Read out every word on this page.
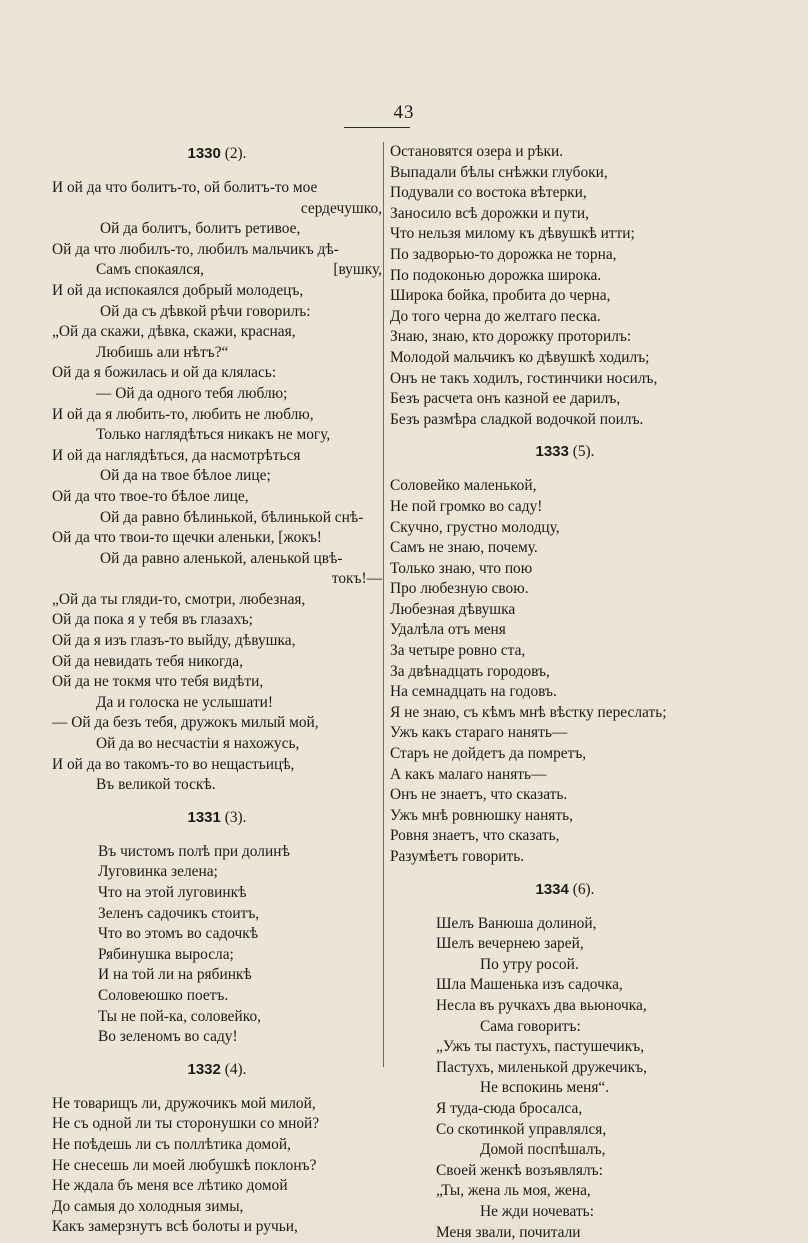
43
1330 (2).
И ой да что болитъ-то, ой болитъ-то мое
сердечушко,
Ой да болитъ, болитъ ретивое,
Ой да что любилъ-то, любилъ мальчикъ дѣ-
Самъ спокаялся,	[вушку,
И ой да испокаялся добрый молодецъ,
Ой да съ дѣвкой рѣчи говорилъ:
„Ой да скажи, дѣвка, скажи, красная,
Любишь али нѣтъ?“
Ой да я божилась и ой да клялась:
— Ой да одного тебя люблю;
И ой да я любить-то, любить не люблю,
Только наглядѣться никакъ не могу,
И ой да наглядѣться, да насмотрѣться
Ой да на твое бѣлое лице;
Ой да что твое-то бѣлое лице,
Ой да равно бѣлинькой, бѣлинькой снѣ-
Ой да что твои-то щечки аленьки, [жокъ!
Ой да равно аленькой, аленькой цвѣ-
токъ!—
„Ой да ты гляди-то, смотри, любезная,
Ой да пока я у тебя въ глазахъ;
Ой да я изъ глазъ-то выйду, дѣвушка,
Ой да невидать тебя никогда,
Ой да не токмя что тебя видѣти,
Да и голоска не услышати!
— Ой да безъ тебя, дружокъ милый мой,
Ой да во несчастiи я нахожусь,
И ой да во такомъ-то во нещастьицѣ,
Въ великой тоскѣ.
1331 (3).
Въ чистомъ полѣ при долинѣ
Луговинка зелена;
Что на этой луговинкѣ
Зеленъ садочикъ стоитъ,
Что во этомъ во садочкѣ
Рябинушка выросла;
И на той ли на рябинкѣ
Соловеюшко поетъ.
Ты не пой-ка, соловейко,
Во зеленомъ во саду!
1332 (4).
Не товарищъ ли, дружочикъ мой милой,
Не съ одной ли ты сторонушки со мной?
Не поѣдешь ли съ поллѣтика домой,
Не снесешь ли моей любушкѣ поклонъ?
Не ждала бъ меня все лѣтико домой
До самыя до холодныя зимы,
Какъ замерзнутъ всѣ болоты и ручьи,
Остановятся озера и рѣки.
Выпадали бѣлы снѣжки глубоки,
Подували со востока вѣтерки,
Заносило всѣ дорожки и пути,
Что нельзя милому къ дѣвушкѣ итти;
По задворью-то дорожка не торна,
По подоконью дорожка широка.
Широка бойка, пробита до черна,
До того черна до желтаго песка.
Знаю, знаю, кто дорожку проторилъ:
Молодой мальчикъ ко дѣвушкѣ ходилъ;
Онъ не такъ ходилъ, гостинчики носилъ,
Безъ расчета онъ казной ее дарилъ,
Безъ размѣра сладкой водочкой поилъ.
1333 (5).
Соловейко маленькой,
Не пой громко во саду!
Скучно, грустно молодцу,
Самъ не знаю, почему.
Только знаю, что пою
Про любезную свою.
Любезная дѣвушка
Удалѣла отъ меня
За четыре ровно ста,
За двѣнадцать городовъ,
На семнадцать на годовъ.
Я не знаю, съ кѣмъ мнѣ вѣстку переслать;
Ужъ какъ стараго нанять—
Старъ не дойдетъ да помретъ,
А какъ малаго нанять—
Онъ не знаетъ, что сказать.
Ужъ мнѣ ровнюшку нанять,
Ровня знаетъ, что сказать,
Разумѣетъ говорить.
1334 (6).
Шелъ Ванюша долиной,
Шелъ вечернею зарей,
По утру росой.
Шла Машенька изъ садочка,
Несла въ ручкахъ два вьюночка,
Сама говоритъ:
„Ужъ ты пастухъ, пастушечикъ,
Пастухъ, миленькой дружечикъ,
Не вспокинь меня“.
Я туда-сюда бросалса,
Со скотинкой управлялся,
Домой поспѣшалъ,
Своей женкѣ возъявлялъ:
„Ты, жена ль моя, жена,
Не жди ночевать:
Меня звали, почитали
